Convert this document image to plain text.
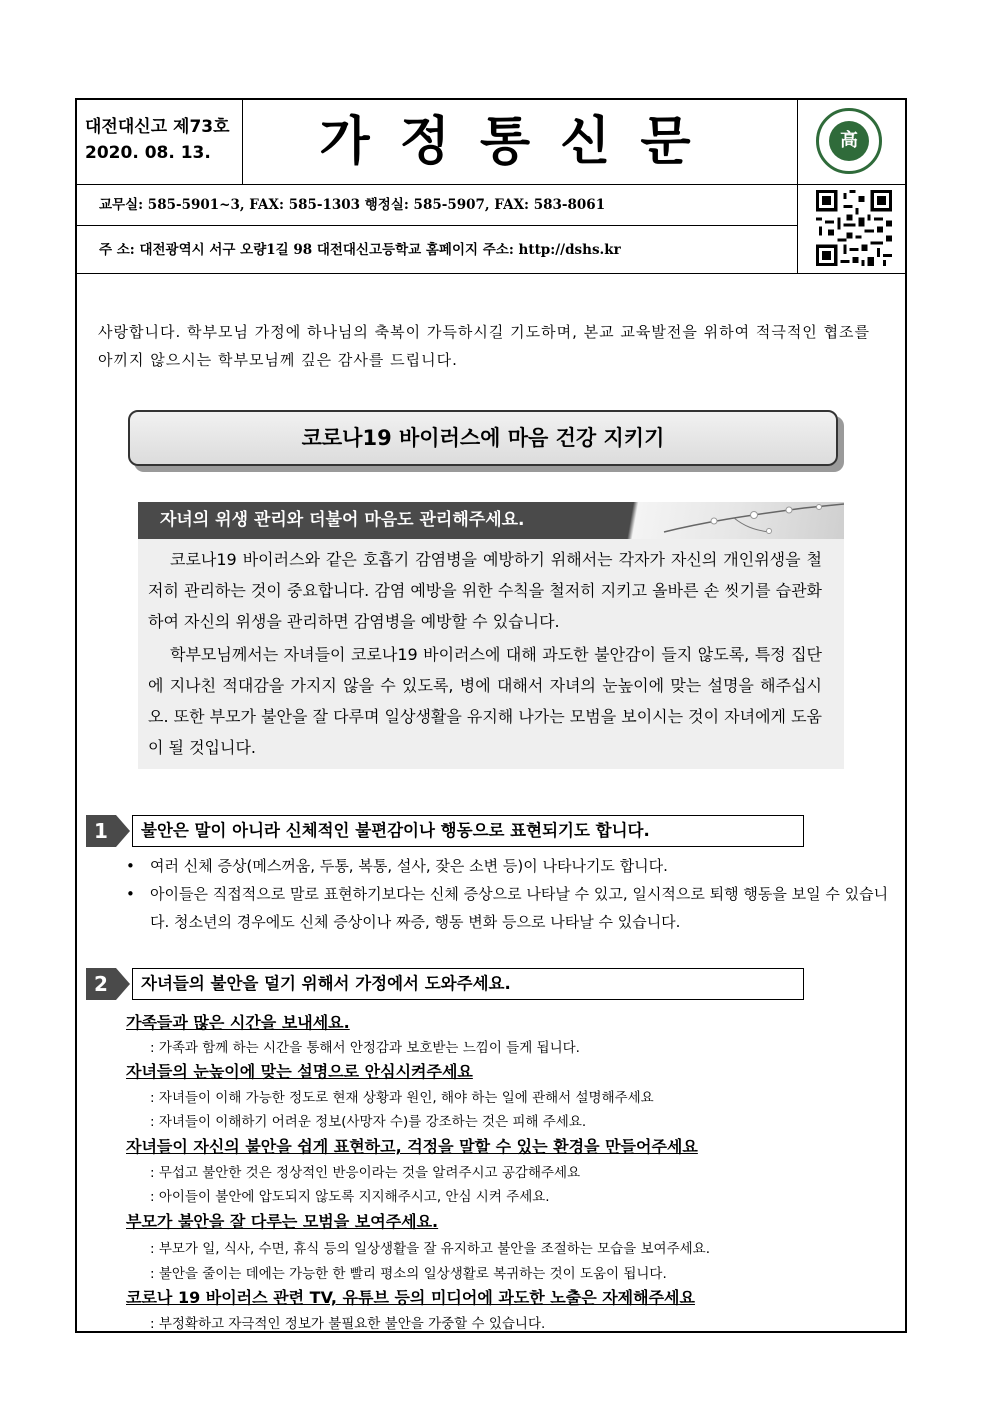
대전대신고 제73호
2020. 08. 13.	가정통신문	高
교무실: 585-5901~3, FAX: 585-1303 행정실: 585-5907, FAX: 583-8061
주 소: 대전광역시 서구 오량1길 98 대전대신고등학교 홈페이지 주소: http://dshs.kr
사랑합니다. 학부모님 가정에 하나님의 축복이 가득하시길 기도하며, 본교 교육발전을 위하여 적극적인 협조를 아끼지 않으시는 학부모님께 깊은 감사를 드립니다.
코로나19 바이러스에 마음 건강 지키기
자녀의 위생 관리와 더불어 마음도 관리해주세요.

코로나19 바이러스와 같은 호흡기 감염병을 예방하기 위해서는 각자가 자신의 개인위생을 철저히 관리하는 것이 중요합니다. 감염 예방을 위한 수칙을 철저히 지키고 올바른 손 씻기를 습관화하여 자신의 위생을 관리하면 감염병을 예방할 수 있습니다.

학부모님께서는 자녀들이 코로나19 바이러스에 대해 과도한 불안감이 들지 않도록, 특정 집단에 지나친 적대감을 가지지 않을 수 있도록, 병에 대해서 자녀의 눈높이에 맞는 설명을 해주십시오. 또한 부모가 불안을 잘 다루며 일상생활을 유지해 나가는 모범을 보이시는 것이 자녀에게 도움이 될 것입니다.

1	불안은 말이 아니라 신체적인 불편감이나 행동으로 표현되기도 합니다.
• 여러 신체 증상(메스꺼움, 두통, 복통, 설사, 잦은 소변 등)이 나타나기도 합니다.
• 아이들은 직접적으로 말로 표현하기보다는 신체 증상으로 나타날 수 있고, 일시적으로 퇴행 행동을 보일 수 있습니다. 청소년의 경우에도 신체 증상이나 짜증, 행동 변화 등으로 나타날 수 있습니다.
2	자녀들의 불안을 덜기 위해서 가정에서 도와주세요.
가족들과 많은 시간을 보내세요.
: 가족과 함께 하는 시간을 통해서 안정감과 보호받는 느낌이 들게 됩니다.
자녀들의 눈높이에 맞는 설명으로 안심시켜주세요
: 자녀들이 이해 가능한 정도로 현재 상황과 원인, 해야 하는 일에 관해서 설명해주세요
: 자녀들이 이해하기 어려운 정보(사망자 수)를 강조하는 것은 피해 주세요.
자녀들이 자신의 불안을 쉽게 표현하고, 걱정을 말할 수 있는 환경을 만들어주세요
: 무섭고 불안한 것은 정상적인 반응이라는 것을 알려주시고 공감해주세요
: 아이들이 불안에 압도되지 않도록 지지해주시고, 안심 시켜 주세요.
부모가 불안을 잘 다루는 모범을 보여주세요.
: 부모가 일, 식사, 수면, 휴식 등의 일상생활을 잘 유지하고 불안을 조절하는 모습을 보여주세요.
: 불안을 줄이는 데에는 가능한 한 빨리 평소의 일상생활로 복귀하는 것이 도움이 됩니다.
코로나 19 바이러스 관련 TV, 유튜브 등의 미디어에 과도한 노출은 자제해주세요
: 부정확하고 자극적인 정보가 불필요한 불안을 가중할 수 있습니다.
